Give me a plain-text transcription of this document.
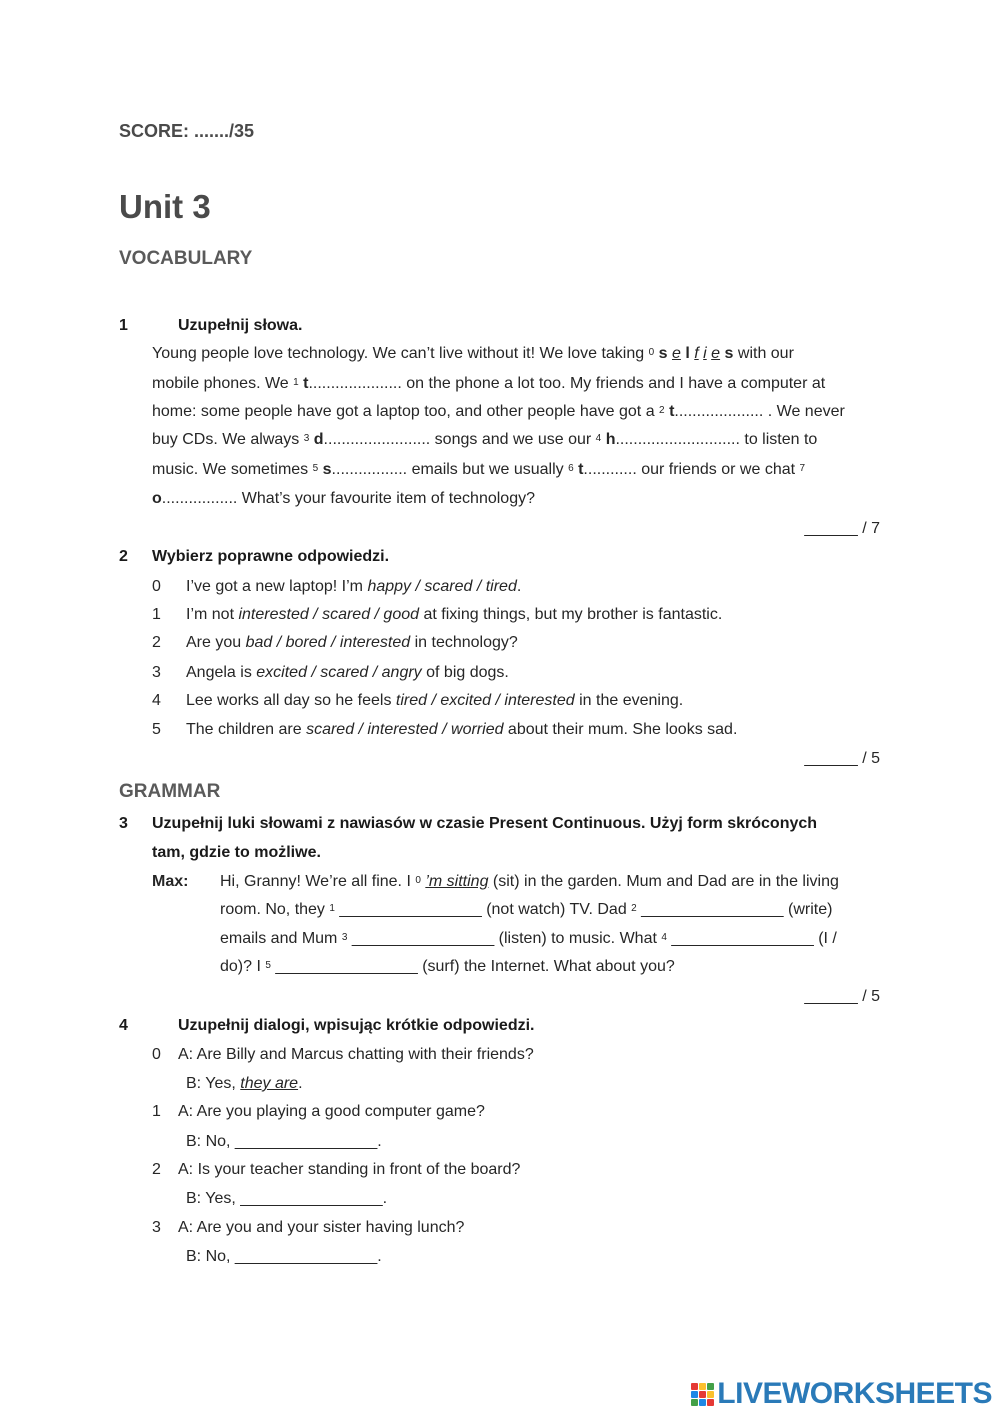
SCORE: ......./35
Unit 3
VOCABULARY
1	Uzupełnij słowa.
Young people love technology. We can’t live without it! We love taking $^0$ s e l f i e s with our
mobile phones. We $^1$ t..................... on the phone a lot too. My friends and I have a computer at
home: some people have got a laptop too, and other people have got a $^2$ t.................... . We never
buy CDs. We always $^3$ d........................ songs and we use our $^4$ h............................ to listen to
music. We sometimes $^5$ s................. emails but we usually $^6$ t............ our friends or we chat $^7$
o................. What’s your favourite item of technology?
______ / 7
2 Wybierz poprawne odpowiedzi.
0 I’ve got a new laptop! I’m happy / scared / tired.
1 I’m not interested / scared / good at fixing things, but my brother is fantastic.
2 Are you bad / bored / interested in technology?
3 Angela is excited / scared / angry of big dogs.
4 Lee works all day so he feels tired / excited / interested in the evening.
5 The children are scared / interested / worried about their mum. She looks sad.
______ / 5
GRAMMAR
3 Uzupełnij luki słowami z nawiasów w czasie Present Continuous. Użyj form skróconych
tam, gdzie to możliwe.
Max: Hi, Granny! We’re all fine. I $^0$ ’m sitting (sit) in the garden. Mum and Dad are in the living
room. No, they $^1$ ________________ (not watch) TV. Dad $^2$ ________________ (write)
emails and Mum $^3$ ________________ (listen) to music. What $^4$ ________________ (I /
do)? I $^5$ ________________ (surf) the Internet. What about you?
______ / 5
4	Uzupełnij dialogi, wpisując krótkie odpowiedzi.
0 A: Are Billy and Marcus chatting with their friends?
B: Yes, they are.
1 A: Are you playing a good computer game?
B: No, ________________.
2 A: Is your teacher standing in front of the board?
B: Yes, ________________.
3 A: Are you and your sister having lunch?
B: No, ________________.
LIVEWORKSHEETS
